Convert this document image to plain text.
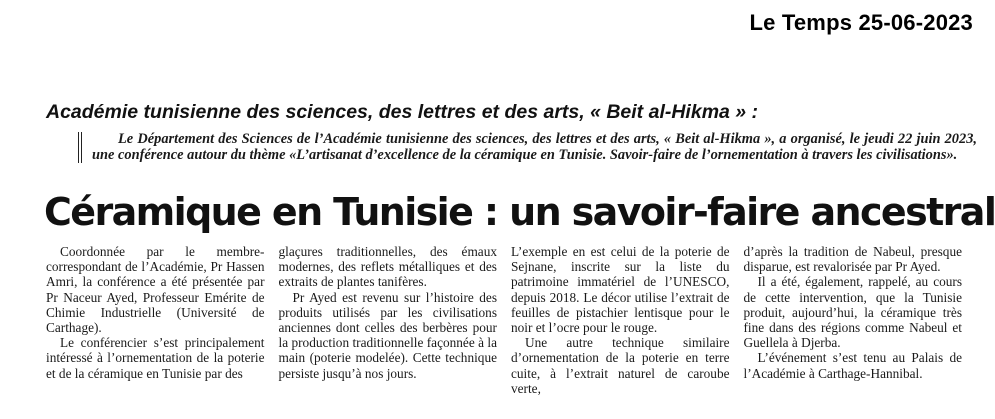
Le Temps 25-06-2023
Académie tunisienne des sciences, des lettres et des arts, « Beit al-Hikma » :
Le Département des Sciences de l’Académie tunisienne des sciences, des lettres et des arts, « Beit al-Hikma », a organisé, le jeudi 22 juin 2023, une conférence autour du thème «L’artisanat d’excellence de la céramique en Tunisie. Savoir-faire de l’ornementation à travers les civilisations».
Céramique en Tunisie : un savoir-faire ancestral

Coordonnée par le membre-correspondant de l’Académie, Pr Hassen Amri, la conférence a été présentée par Pr Naceur Ayed, Professeur Emérite de Chimie Industrielle (Université de Carthage).

Le conférencier s’est principalement intéressé à l’ornementation de la poterie et de la céramique en Tunisie par des

glaçures traditionnelles, des émaux modernes, des reflets métalliques et des extraits de plantes tanifères.

Pr Ayed est revenu sur l’histoire des produits utilisés par les civilisations anciennes dont celles des berbères pour la production traditionnelle façonnée à la main (poterie modelée). Cette technique persiste jusqu’à nos jours.

L’exemple en est celui de la poterie de Sejnane, inscrite sur la liste du patrimoine immatériel de l’UNESCO, depuis 2018. Le décor utilise l’extrait de feuilles de pistachier lentisque pour le noir et l’ocre pour le rouge.

Une autre technique similaire d’ornementation de la poterie en terre cuite, à l’extrait naturel de caroube verte,

d’après la tradition de Nabeul, presque disparue, est revalorisée par Pr Ayed.

Il a été, également, rappelé, au cours de cette intervention, que la Tunisie produit, aujourd’hui, la céramique très fine dans des régions comme Nabeul et Guellela à Djerba.

L’événement s’est tenu au Palais de l’Académie à Carthage-Hannibal.
